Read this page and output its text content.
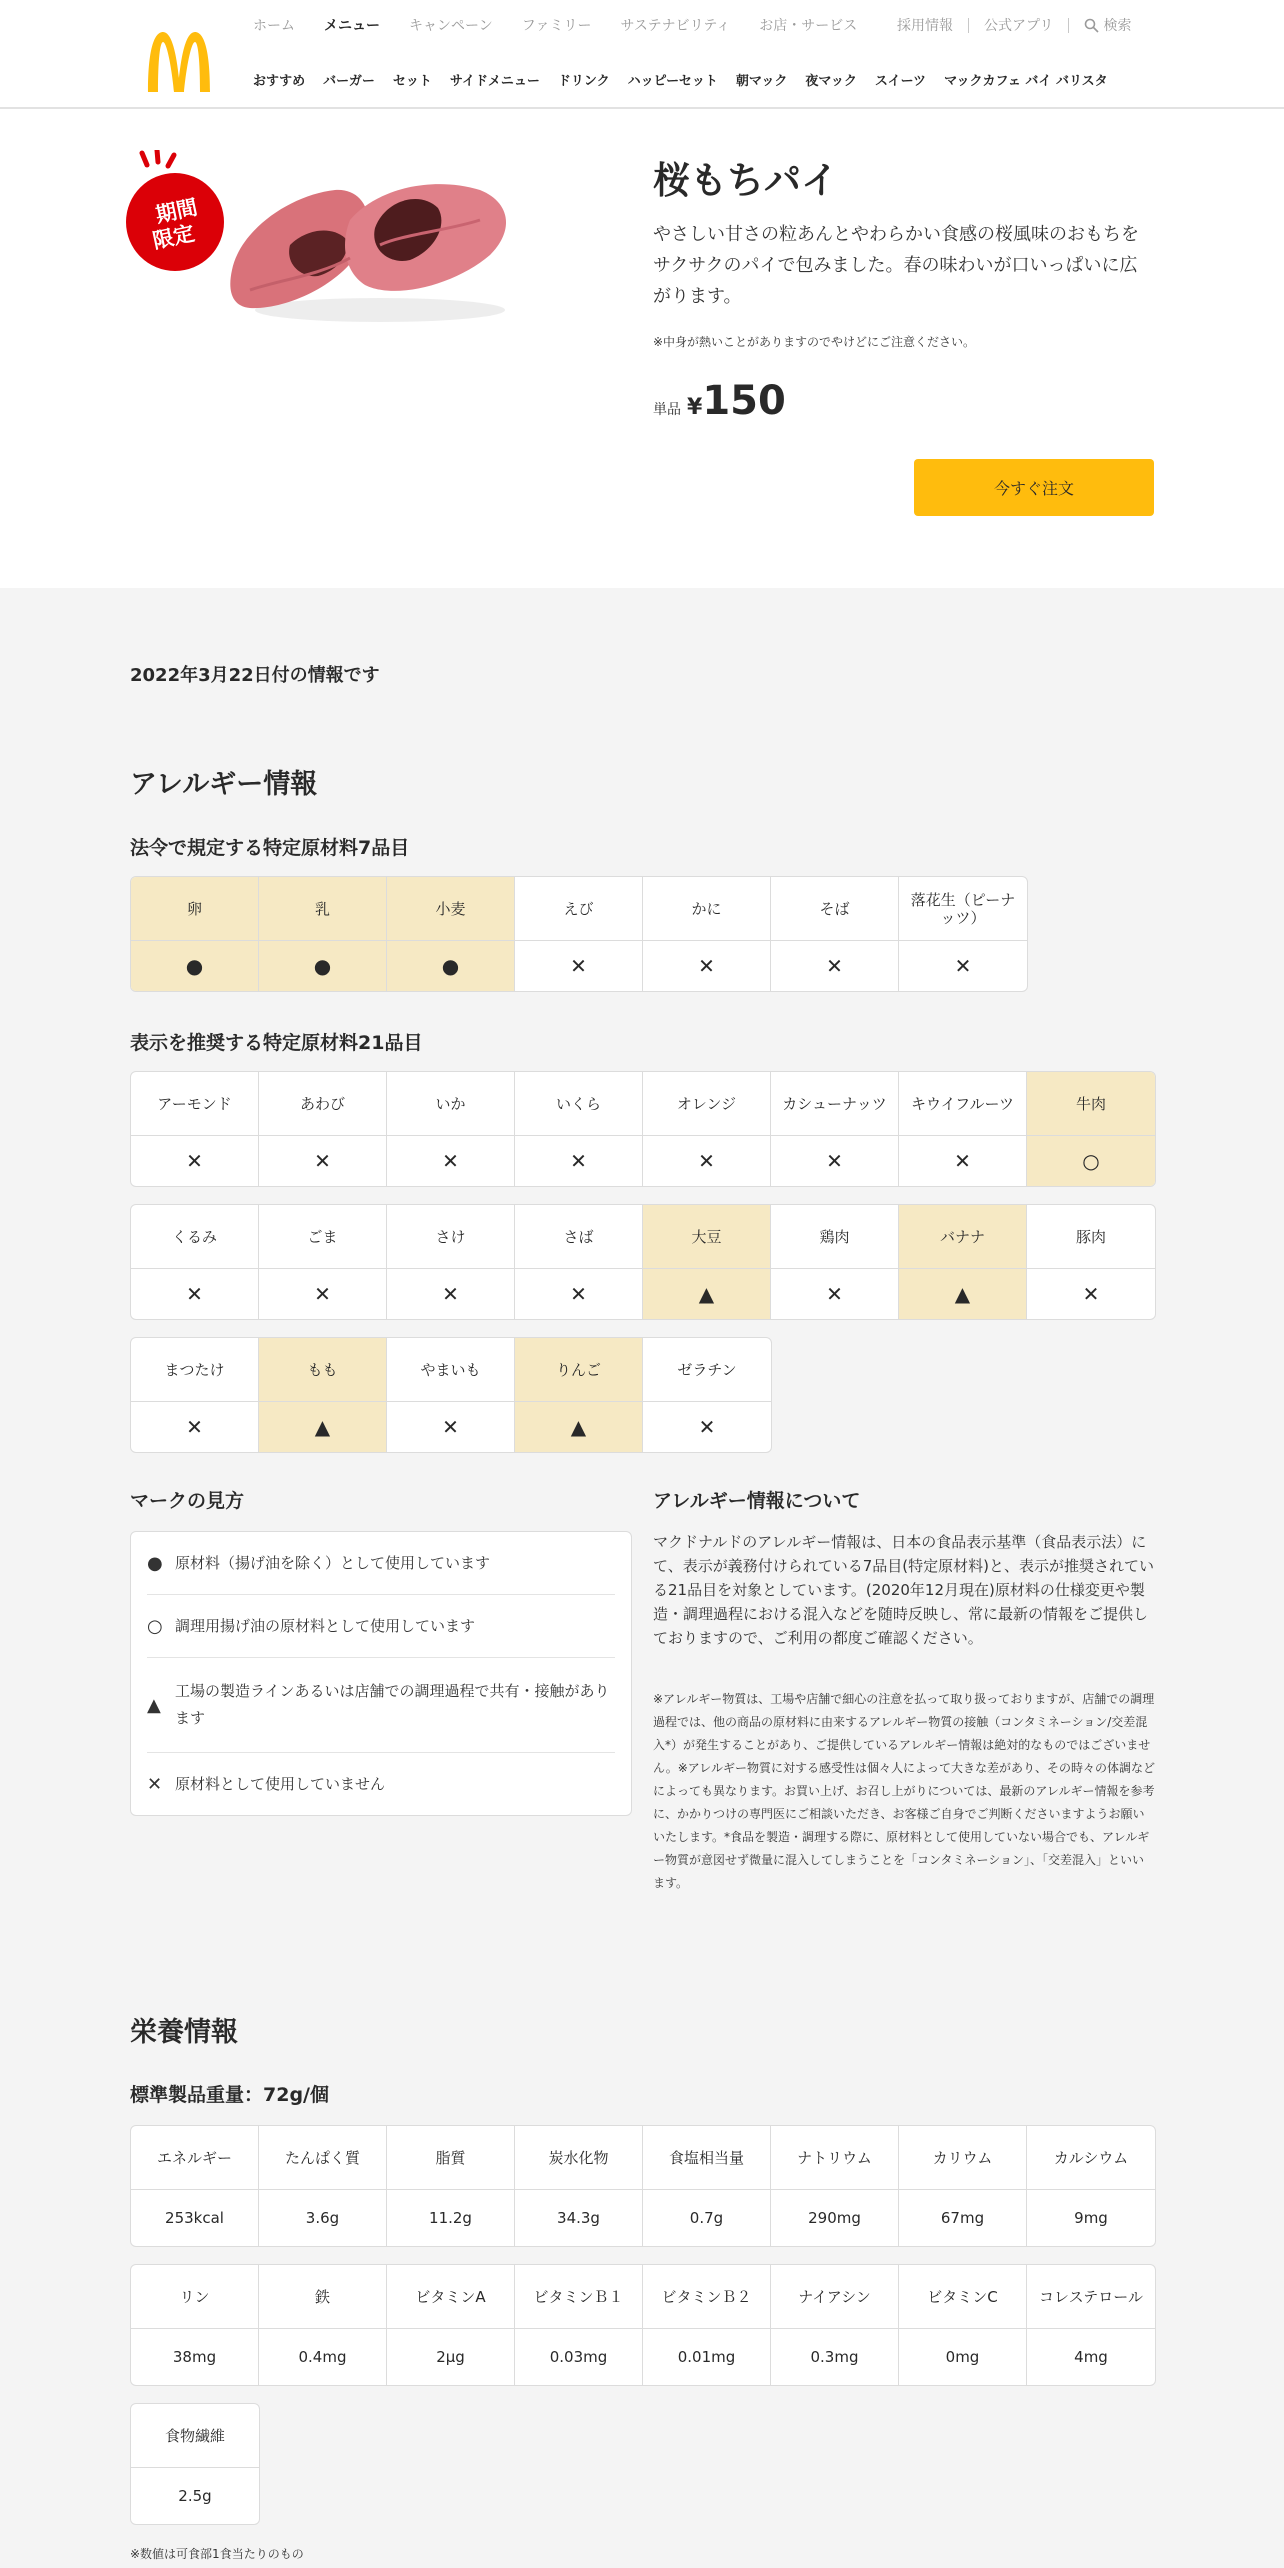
ホーム メニュー キャンペーン ファミリー サステナビリティ お店・サービス	採用情報 公式アプリ	検索
おすすめ バーガー セット サイドメニュー ドリンク ハッピーセット 朝マック 夜マック スイーツ マックカフェ バイ バリスタ
期間
限定
桜もちパイ

やさしい甘さの粒あんとやわらかい食感の桜風味のおもちをサクサクのパイで包みました。春の味わいが口いっぱいに広がります。

※中身が熱いことがありますのでやけどにご注意ください。

単品 ¥150
今すぐ注文
2022年3月22日付の情報です
アレルギー情報
法令で規定する特定原材料7品目
卵
●
乳
●
小麦
●
えび
✕
かに
✕
そば
✕
落花生（ピーナッツ）
✕
表示を推奨する特定原材料21品目
アーモンド
✕
あわび
✕
いか
✕
いくら
✕
オレンジ
✕
カシューナッツ
✕
キウイフルーツ
✕
牛肉
○
くるみ
✕
ごま
✕
さけ
✕
さば
✕
大豆
▲
鶏肉
✕
バナナ
▲
豚肉
✕
まつたけ
✕
もも
▲
やまいも
✕
りんご
▲
ゼラチン
✕
マークの見方
● 原材料（揚げ油を除く）として使用しています
○ 調理用揚げ油の原材料として使用しています
▲
工場の製造ラインあるいは店舗での調理過程で共有・接触があります
✕ 原材料として使用していません
アレルギー情報について

マクドナルドのアレルギー情報は、日本の食品表示基準（食品表示法）にて、表示が義務付けられている7品目(特定原材料)と、表示が推奨されている21品目を対象としています。(2020年12月現在)原材料の仕様変更や製造・調理過程における混入などを随時反映し、常に最新の情報をご提供しておりますので、ご利用の都度ご確認ください。

※アレルギー物質は、工場や店舗で細心の注意を払って取り扱っておりますが、店舗での調理過程では、他の商品の原材料に由来するアレルギー物質の接触（コンタミネーション/交差混入*）が発生することがあり、ご提供しているアレルギー情報は絶対的なものではございません。※アレルギー物質に対する感受性は個々人によって大きな差があり、その時々の体調などによっても異なります。お買い上げ、お召し上がりについては、最新のアレルギー情報を参考に、かかりつけの専門医にご相談いただき、お客様ご自身でご判断くださいますようお願いいたします。*食品を製造・調理する際に、原材料として使用していない場合でも、アレルギー物質が意図せず微量に混入してしまうことを「コンタミネーション」、「交差混入」といいます。

栄養情報
標準製品重量：72g/個
エネルギー
253kcal
たんぱく質
3.6g
脂質
11.2g
炭水化物
34.3g
食塩相当量
0.7g
ナトリウム
290mg
カリウム
67mg
カルシウム
9mg
リン
38mg
鉄
0.4mg
ビタミンA
2μg
ビタミンＢ１
0.03mg
ビタミンＢ２
0.01mg
ナイアシン
0.3mg
ビタミンC
0mg
コレステロール
4mg
食物繊維
2.5g

※数値は可食部1食当たりのもの
